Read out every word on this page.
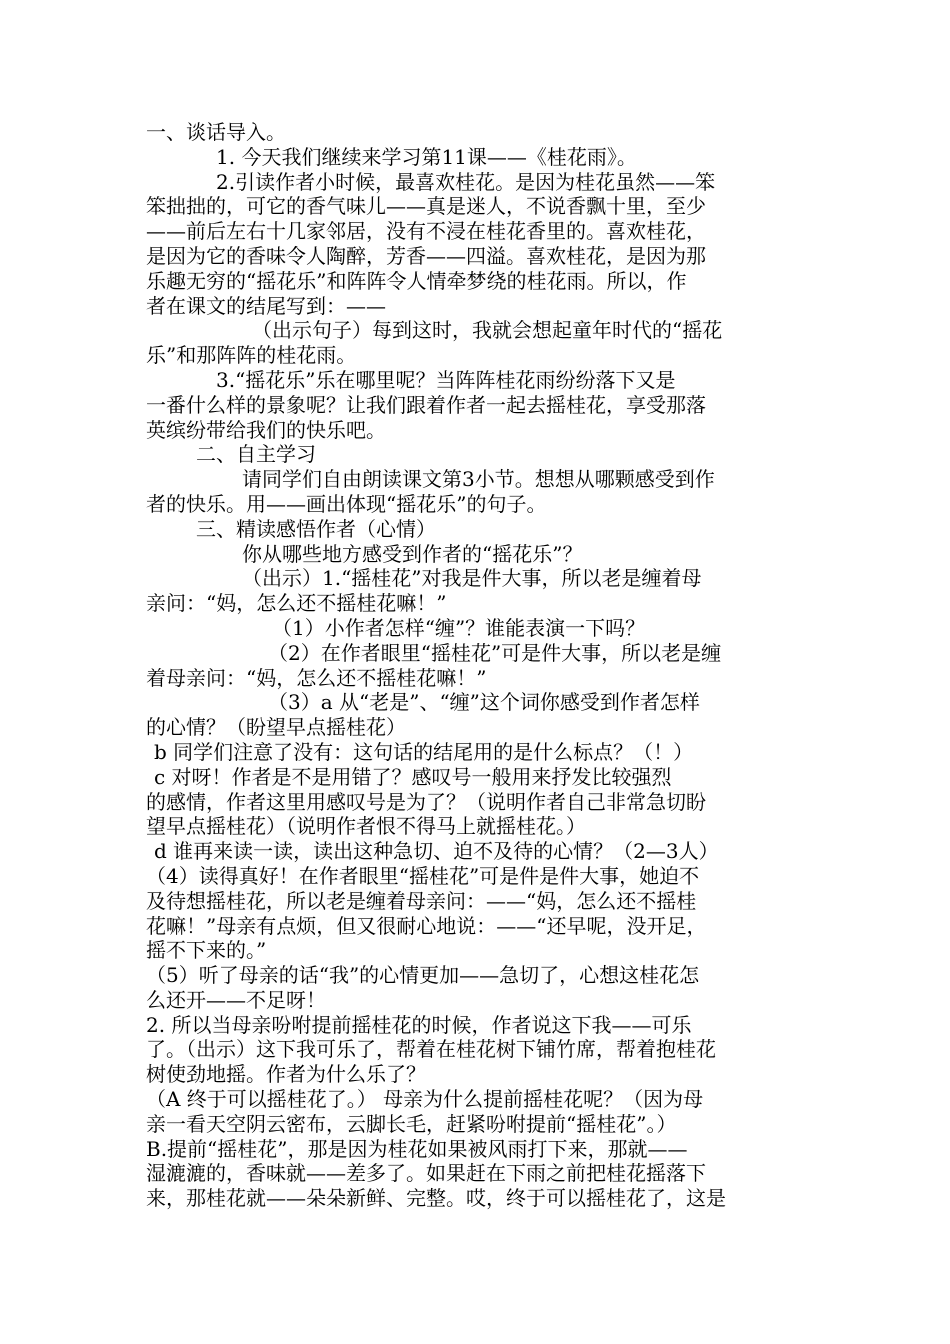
一、谈话导入。
1. 今天我们继续来学习第11课——《桂花雨》。
2.引读作者小时候，最喜欢桂花。是因为桂花虽然——笨
笨拙拙的，可它的香气味儿——真是迷人，不说香飘十里，至少
——前后左右十几家邻居，没有不浸在桂花香里的。喜欢桂花，
是因为它的香味令人陶醉，芳香——四溢。喜欢桂花，是因为那
乐趣无穷的“摇花乐”和阵阵令人情牵梦绕的桂花雨。所以，作
者在课文的结尾写到：——
（出示句子）每到这时，我就会想起童年时代的“摇花
乐”和那阵阵的桂花雨。
3.“摇花乐”乐在哪里呢？当阵阵桂花雨纷纷落下又是
一番什么样的景象呢？让我们跟着作者一起去摇桂花，享受那落
英缤纷带给我们的快乐吧。
二、自主学习
请同学们自由朗读课文第3小节。想想从哪颗感受到作
者的快乐。用——画出体现“摇花乐”的句子。
三、精读感悟作者（心情）
你从哪些地方感受到作者的“摇花乐”？
（出示）1.“摇桂花”对我是件大事，所以老是缠着母
亲问：“妈，怎么还不摇桂花嘛！”
（1）小作者怎样“缠”？谁能表演一下吗？
（2）在作者眼里“摇桂花”可是件大事，所以老是缠
着母亲问：“妈，怎么还不摇桂花嘛！”
（3）a 从“老是”、“缠”这个词你感受到作者怎样
的心情？（盼望早点摇桂花）
b 同学们注意了没有：这句话的结尾用的是什么标点？（！）
c 对呀！作者是不是用错了？感叹号一般用来抒发比较强烈
的感情，作者这里用感叹号是为了？（说明作者自己非常急切盼
望早点摇桂花）（说明作者恨不得马上就摇桂花。）
d 谁再来读一读，读出这种急切、迫不及待的心情？（2—3人）
（4）读得真好！在作者眼里“摇桂花”可是件是件大事，她迫不
及待想摇桂花，所以老是缠着母亲问：——“妈，怎么还不摇桂
花嘛！”母亲有点烦，但又很耐心地说：——“还早呢，没开足，
摇不下来的。”
（5）听了母亲的话“我”的心情更加——急切了，心想这桂花怎
么还开——不足呀！
2. 所以当母亲吩咐提前摇桂花的时候，作者说这下我——可乐
了。（出示）这下我可乐了，帮着在桂花树下铺竹席，帮着抱桂花
树使劲地摇。作者为什么乐了？
（A 终于可以摇桂花了。） 母亲为什么提前摇桂花呢？（因为母
亲一看天空阴云密布，云脚长毛，赶紧吩咐提前“摇桂花”。）
B.提前“摇桂花”，那是因为桂花如果被风雨打下来，那就——
湿漉漉的，香味就——差多了。如果赶在下雨之前把桂花摇落下
来，那桂花就——朵朵新鲜、完整。哎，终于可以摇桂花了，这是
